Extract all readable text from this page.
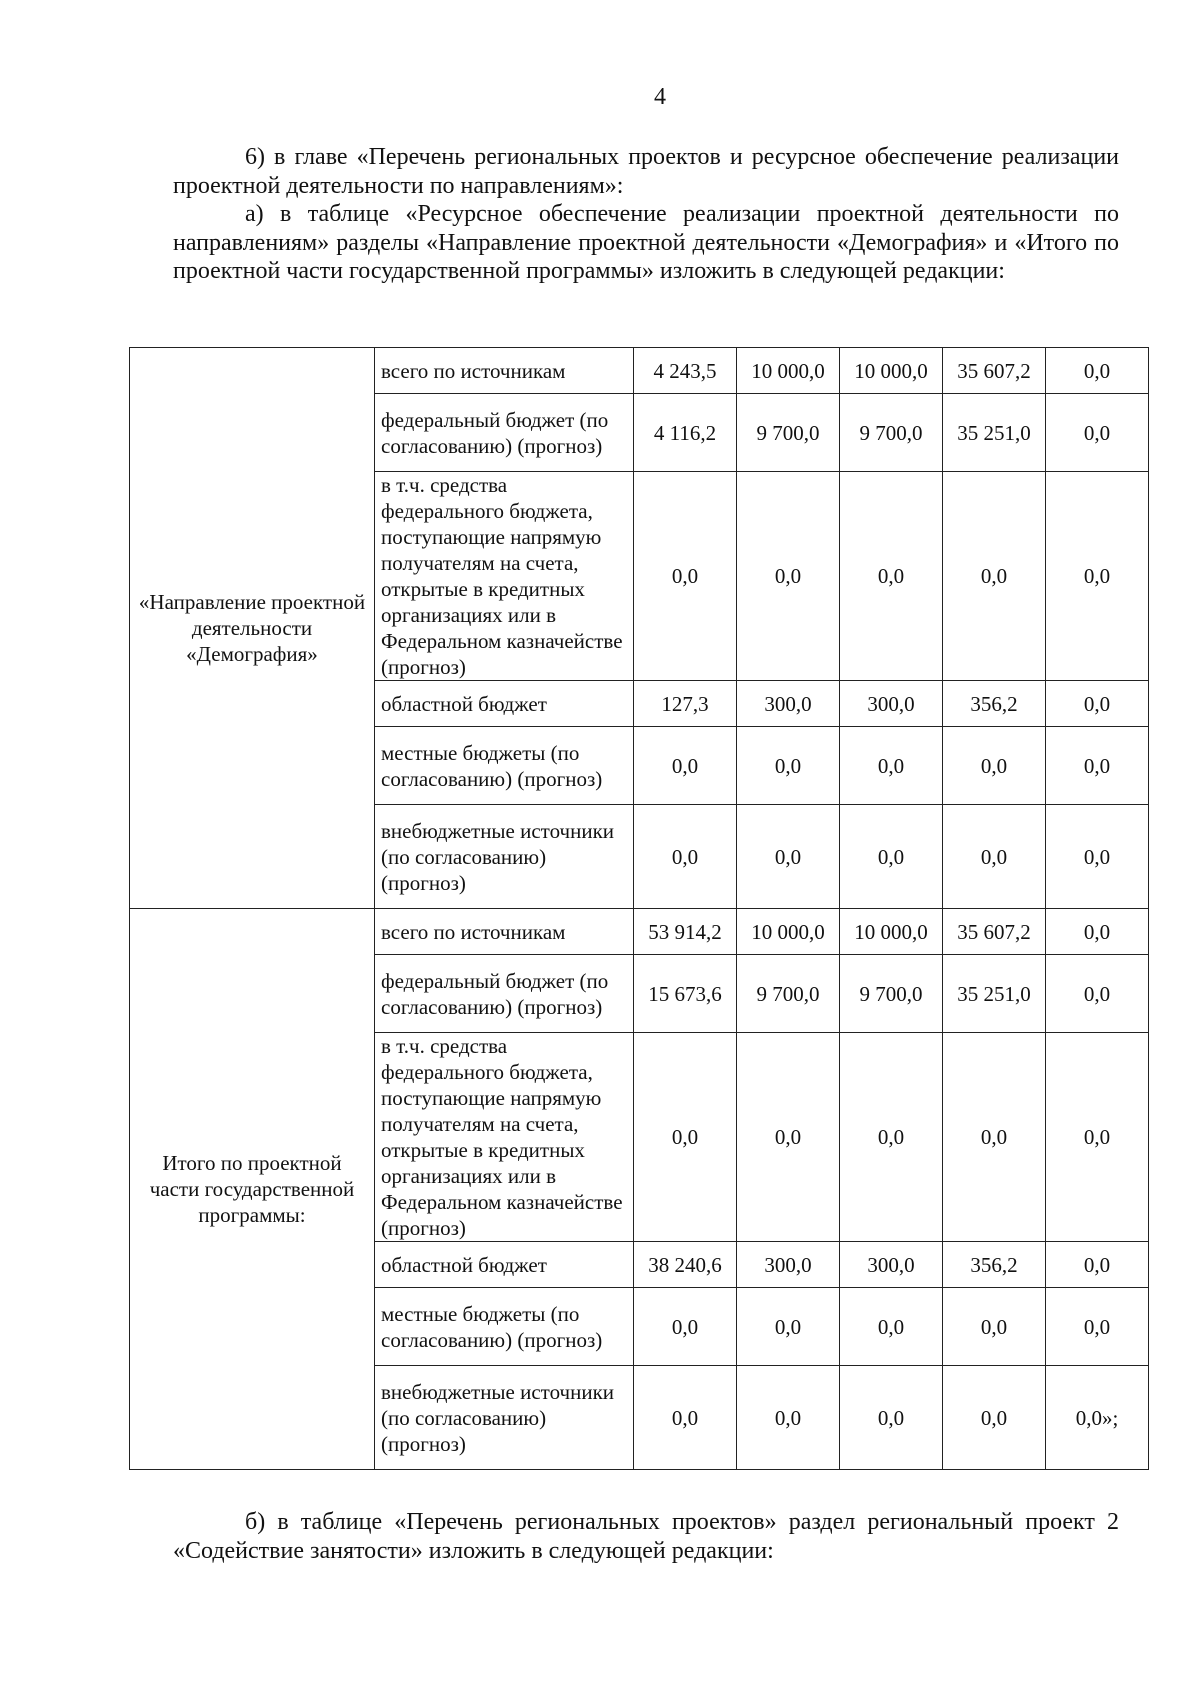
4
6) в главе «Перечень региональных проектов и ресурсное обеспечение реализации проектной деятельности по направлениям»:
а) в таблице «Ресурсное обеспечение реализации проектной деятельности по направлениям» разделы «Направление проектной деятельности «Демография» и «Итого по проектной части государственной программы» изложить в следующей редакции:
«Направление проектной деятельности «Демография»	всего по источникам	4 243,5	10 000,0	10 000,0	35 607,2	0,0
	федеральный бюджет (по согласованию) (прогноз)	4 116,2	9 700,0	9 700,0	35 251,0	0,0
	в т.ч. средства федерального бюджета, поступающие напрямую получателям на счета, открытые в кредитных организациях или в Федеральном казначействе (прогноз)	0,0	0,0	0,0	0,0	0,0
	областной бюджет	127,3	300,0	300,0	356,2	0,0
	местные бюджеты (по согласованию) (прогноз)	0,0	0,0	0,0	0,0	0,0
	внебюджетные источники (по согласованию) (прогноз)	0,0	0,0	0,0	0,0	0,0
Итого по проектной части государственной программы:	всего по источникам	53 914,2	10 000,0	10 000,0	35 607,2	0,0
	федеральный бюджет (по согласованию) (прогноз)	15 673,6	9 700,0	9 700,0	35 251,0	0,0
	в т.ч. средства федерального бюджета, поступающие напрямую получателям на счета, открытые в кредитных организациях или в Федеральном казначействе (прогноз)	0,0	0,0	0,0	0,0	0,0
	областной бюджет	38 240,6	300,0	300,0	356,2	0,0
	местные бюджеты (по согласованию) (прогноз)	0,0	0,0	0,0	0,0	0,0
	внебюджетные источники (по согласованию) (прогноз)	0,0	0,0	0,0	0,0	0,0»;
б) в таблице «Перечень региональных проектов» раздел региональный проект 2 «Содействие занятости» изложить в следующей редакции:
